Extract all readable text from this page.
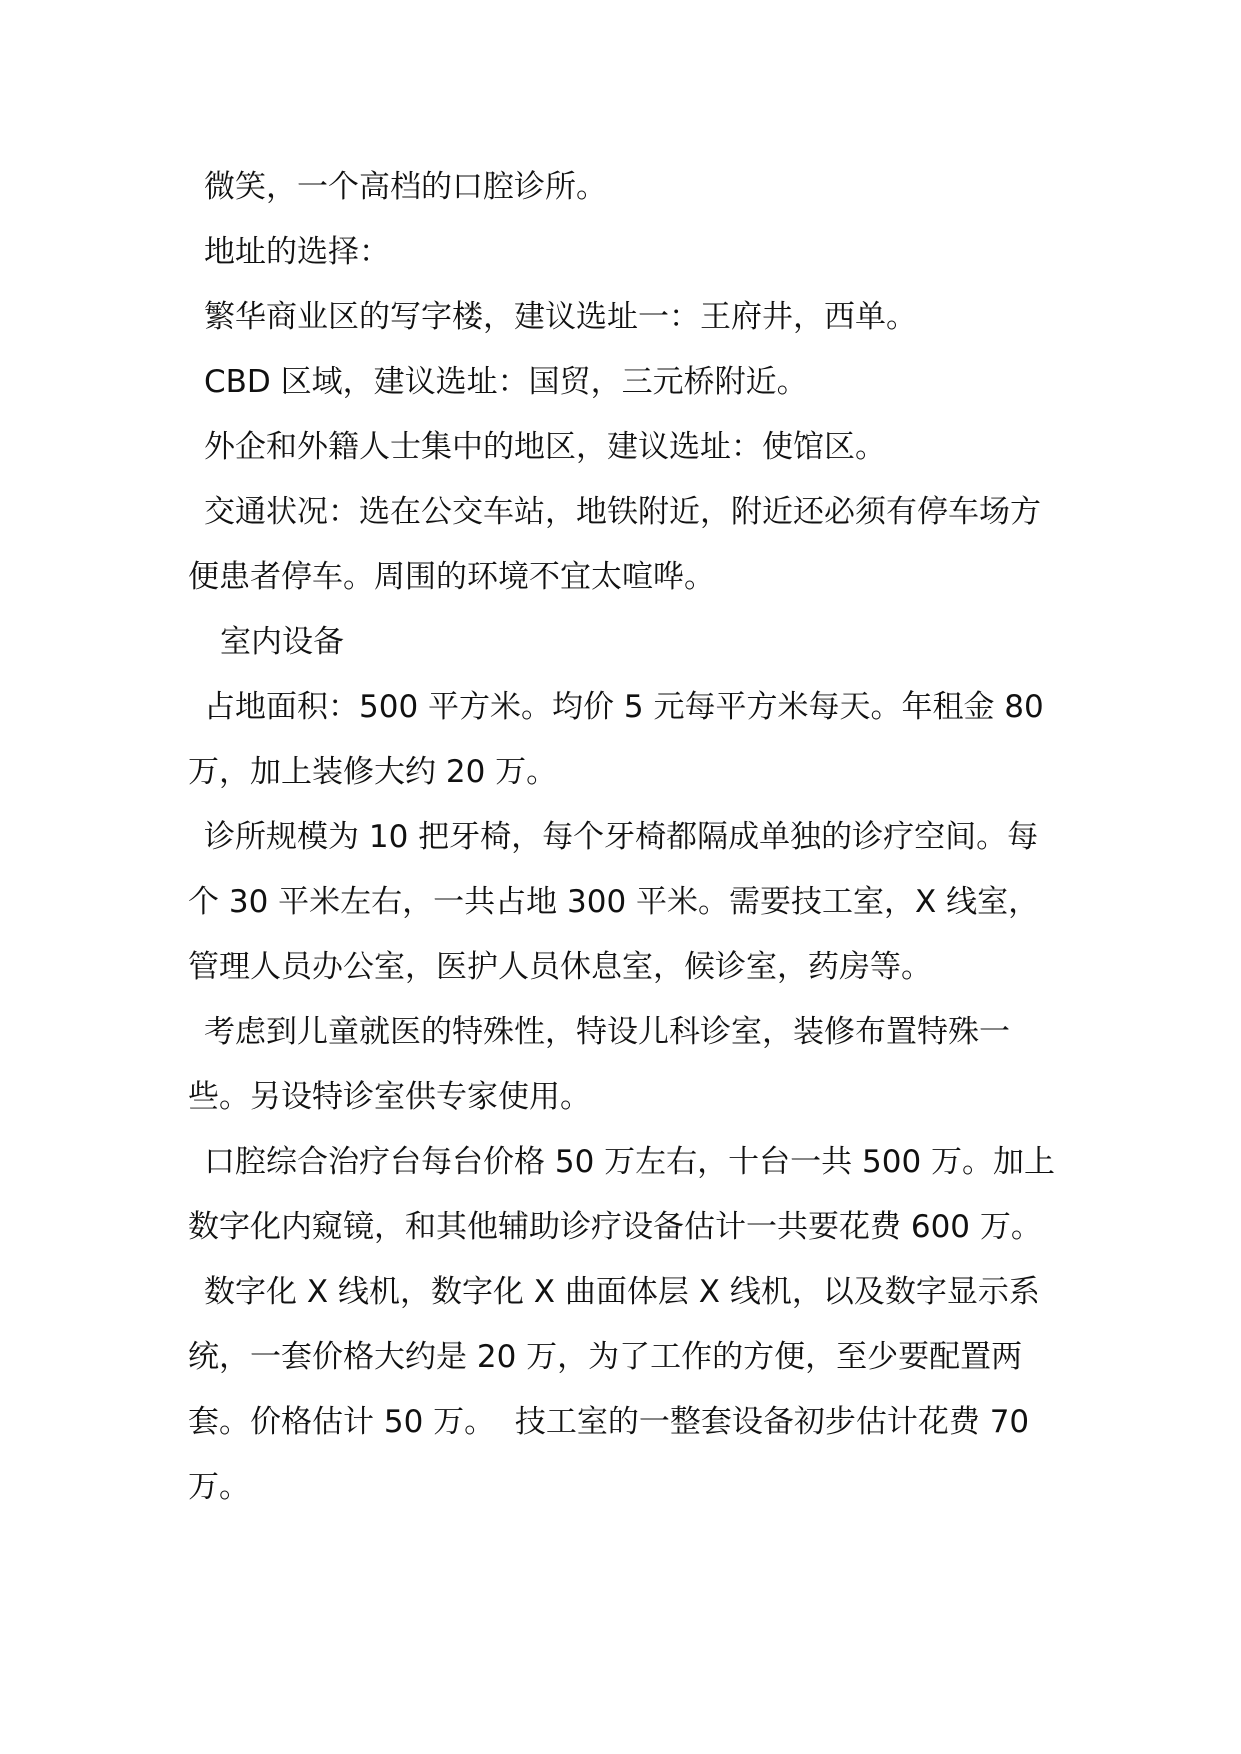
微笑，一个高档的口腔诊所。

地址的选择：

繁华商业区的写字楼，建议选址一：王府井，西单。

CBD 区域，建议选址：国贸，三元桥附近。

外企和外籍人士集中的地区，建议选址：使馆区。

交通状况：选在公交车站，地铁附近，附近还必须有停车场方便患者停车。周围的环境不宜太喧哗。

室内设备

占地面积：500 平方米。均价 5 元每平方米每天。年租金 80 万，加上装修大约 20 万。

诊所规模为 10 把牙椅，每个牙椅都隔成单独的诊疗空间。每个 30 平米左右，一共占地 300 平米。需要技工室，X 线室，管理人员办公室，医护人员休息室，候诊室，药房等。

考虑到儿童就医的特殊性，特设儿科诊室，装修布置特殊一些。另设特诊室供专家使用。

口腔综合治疗台每台价格 50 万左右，十台一共 500 万。加上数字化内窥镜，和其他辅助诊疗设备估计一共要花费 600 万。

数字化 X 线机，数字化 X 曲面体层 X 线机，以及数字显示系统，一套价格大约是 20 万，为了工作的方便，至少要配置两套。价格估计 50 万。  技工室的一整套设备初步估计花费 70 万。
